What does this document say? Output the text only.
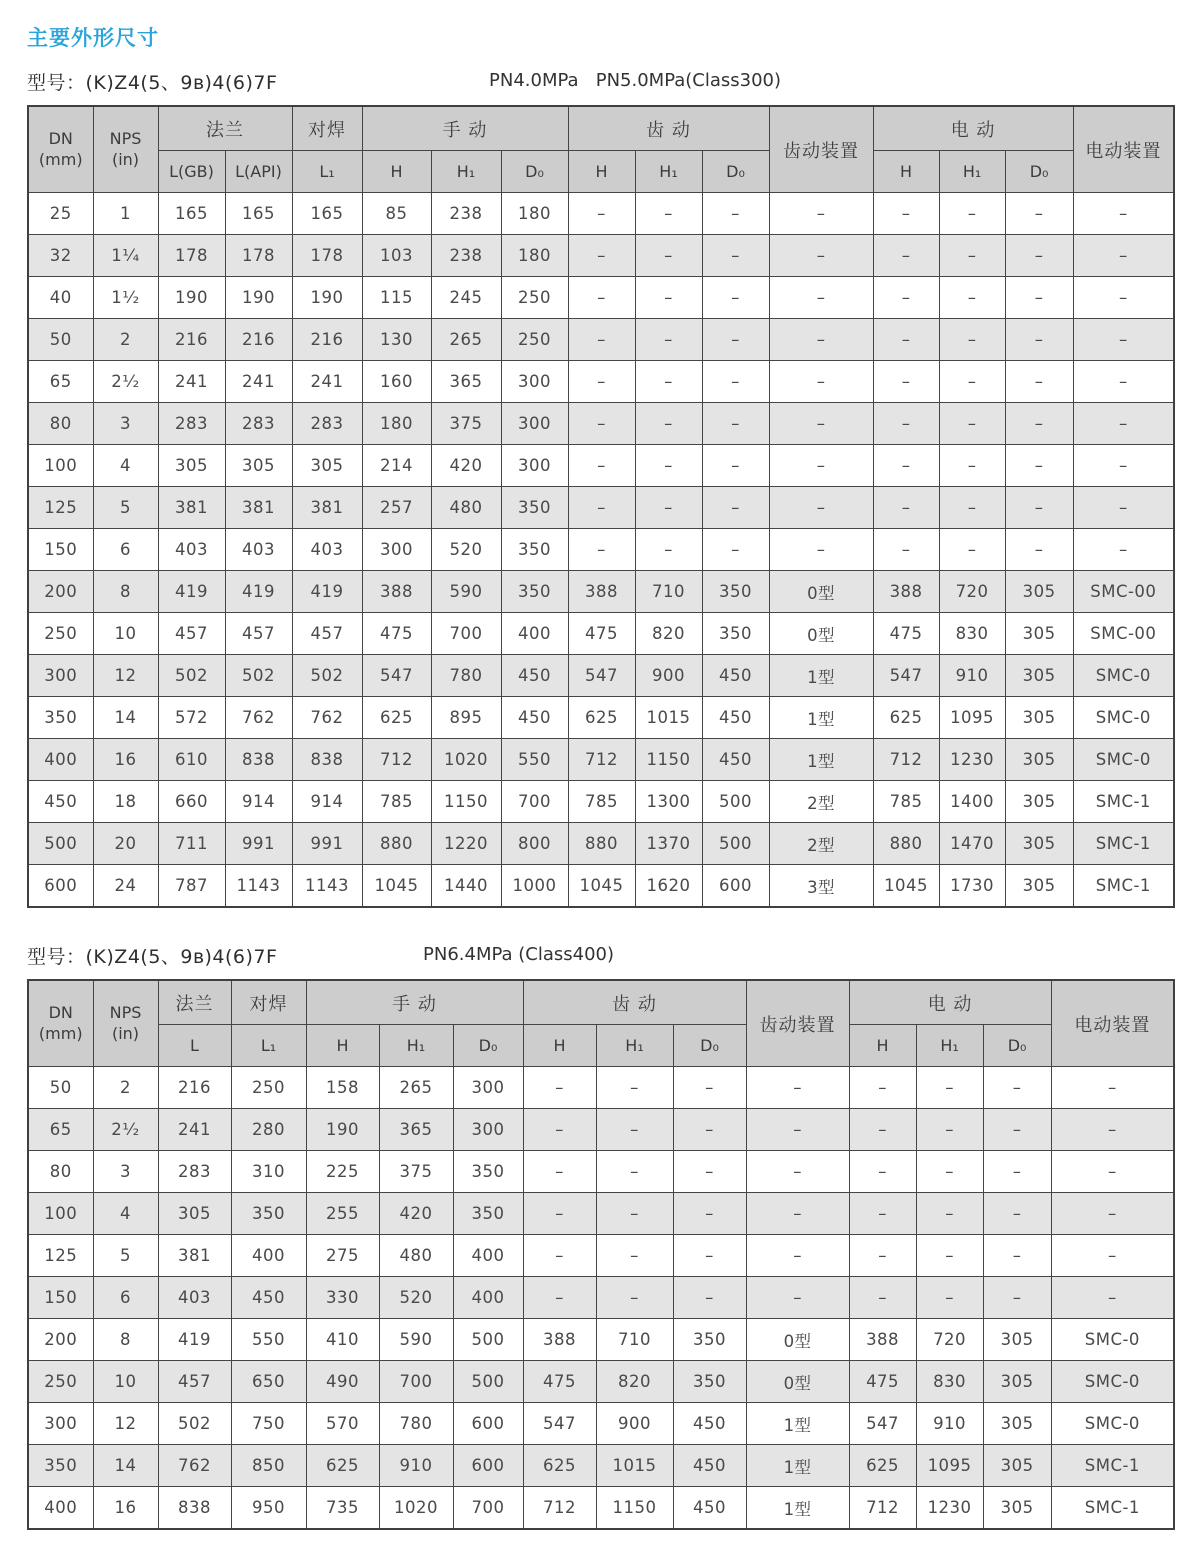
主要外形尺寸
型号：(K)Z4(5、9ʙ)4(6)7F	PN4.0MPa   PN5.0MPa(Class300)
DN
(mm)

NPS
(in)
	法兰	对焊	手 动	齿 动	齿动装置	电 动	电动装置
		L(GB)	L(API)	L₁	H	H₁	D₀	H	H₁	D₀		H	H₁	D₀	
25	1	165	165	165	85	238	180	–	–	–	–	–	–	–	–
32	1¹⁄₄	178	178	178	103	238	180	–	–	–	–	–	–	–	–
40	1¹⁄₂	190	190	190	115	245	250	–	–	–	–	–	–	–	–
50	2	216	216	216	130	265	250	–	–	–	–	–	–	–	–
65	2¹⁄₂	241	241	241	160	365	300	–	–	–	–	–	–	–	–
80	3	283	283	283	180	375	300	–	–	–	–	–	–	–	–
100	4	305	305	305	214	420	300	–	–	–	–	–	–	–	–
125	5	381	381	381	257	480	350	–	–	–	–	–	–	–	–
150	6	403	403	403	300	520	350	–	–	–	–	–	–	–	–
200	8	419	419	419	388	590	350	388	710	350	0型	388	720	305	SMC-00
250	10	457	457	457	475	700	400	475	820	350	0型	475	830	305	SMC-00
300	12	502	502	502	547	780	450	547	900	450	1型	547	910	305	SMC-0
350	14	572	762	762	625	895	450	625	1015	450	1型	625	1095	305	SMC-0
400	16	610	838	838	712	1020	550	712	1150	450	1型	712	1230	305	SMC-0
450	18	660	914	914	785	1150	700	785	1300	500	2型	785	1400	305	SMC-1
500	20	711	991	991	880	1220	800	880	1370	500	2型	880	1470	305	SMC-1
600	24	787	1143	1143	1045	1440	1000	1045	1620	600	3型	1045	1730	305	SMC-1
型号：(K)Z4(5、9ʙ)4(6)7F	PN6.4MPa (Class400)
DN
(mm)

NPS
(in)
	法兰	对焊	手 动	齿 动	齿动装置	电 动	电动装置
		L	L₁	H	H₁	D₀	H	H₁	D₀		H	H₁	D₀	
50	2	216	250	158	265	300	–	–	–	–	–	–	–	–
65	2¹⁄₂	241	280	190	365	300	–	–	–	–	–	–	–	–
80	3	283	310	225	375	350	–	–	–	–	–	–	–	–
100	4	305	350	255	420	350	–	–	–	–	–	–	–	–
125	5	381	400	275	480	400	–	–	–	–	–	–	–	–
150	6	403	450	330	520	400	–	–	–	–	–	–	–	–
200	8	419	550	410	590	500	388	710	350	0型	388	720	305	SMC-0
250	10	457	650	490	700	500	475	820	350	0型	475	830	305	SMC-0
300	12	502	750	570	780	600	547	900	450	1型	547	910	305	SMC-0
350	14	762	850	625	910	600	625	1015	450	1型	625	1095	305	SMC-1
400	16	838	950	735	1020	700	712	1150	450	1型	712	1230	305	SMC-1
